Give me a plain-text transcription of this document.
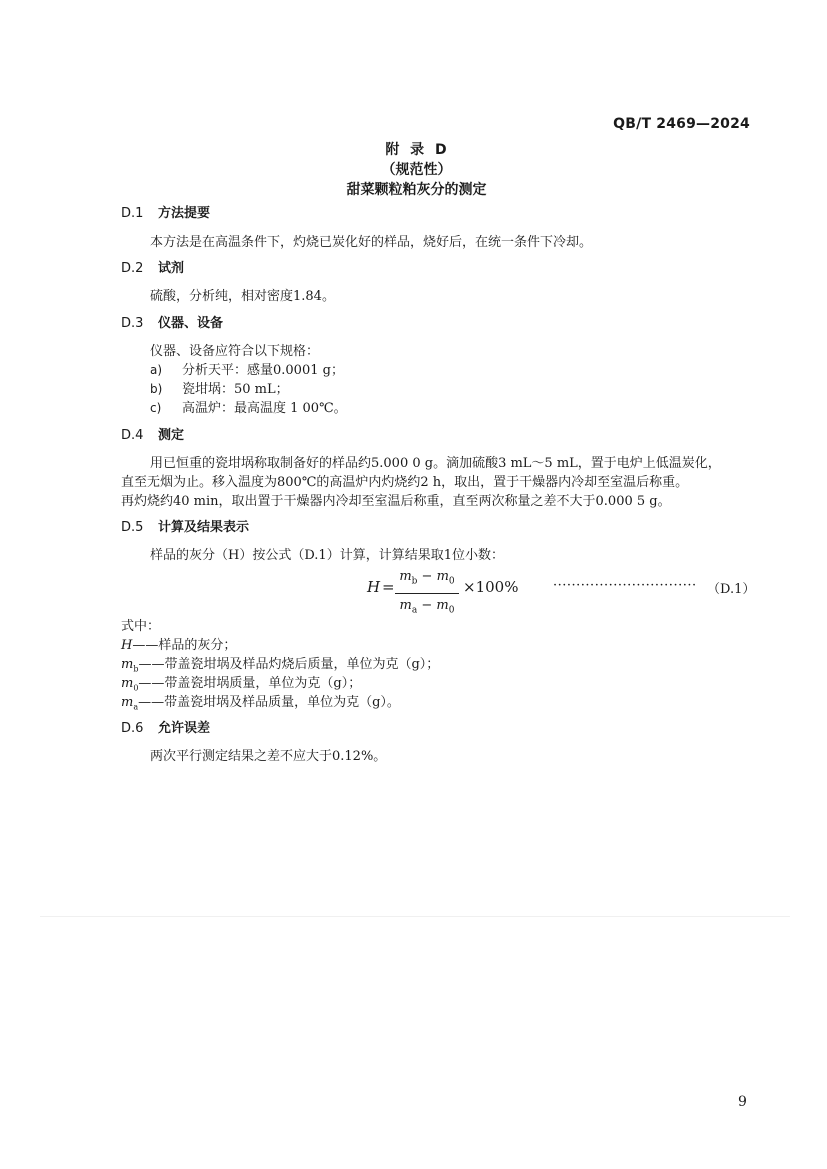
QB/T 2469—2024
附 录 D
（规范性）
甜菜颗粒粕灰分的测定
D.1 方法提要
本方法是在高温条件下，灼烧已炭化好的样品，烧好后，在统一条件下冷却。
D.2 试剂
硫酸，分析纯，相对密度1.84。
D.3 仪器、设备
仪器、设备应符合以下规格：
a) 分析天平：感量0.0001 g；
b) 瓷坩埚：50 mL；
c) 高温炉：最高温度 1 00℃。
D.4 测定
用已恒重的瓷坩埚称取制备好的样品约5.000 0 g。滴加硫酸3 mL～5 mL，置于电炉上低温炭化，
直至无烟为止。移入温度为800℃的高温炉内灼烧约2 h，取出，置于干燥器内冷却至室温后称重。
再灼烧约40 min，取出置于干燥器内冷却至室温后称重，直至两次称量之差不大于0.000 5 g。
D.5 计算及结果表示
样品的灰分（H）按公式（D.1）计算，计算结果取1位小数：
H =
$m_b - m_0$
$m_a - m_0$
×100%	······························· （D.1）
式中：
H——样品的灰分；
$m_b——$带盖瓷坩埚及样品灼烧后质量，单位为克（g）；
$m_0——$带盖瓷坩埚质量，单位为克（g）；
$m_a——$带盖瓷坩埚及样品质量，单位为克（g）。
D.6 允许误差
两次平行测定结果之差不应大于0.12%。
9
